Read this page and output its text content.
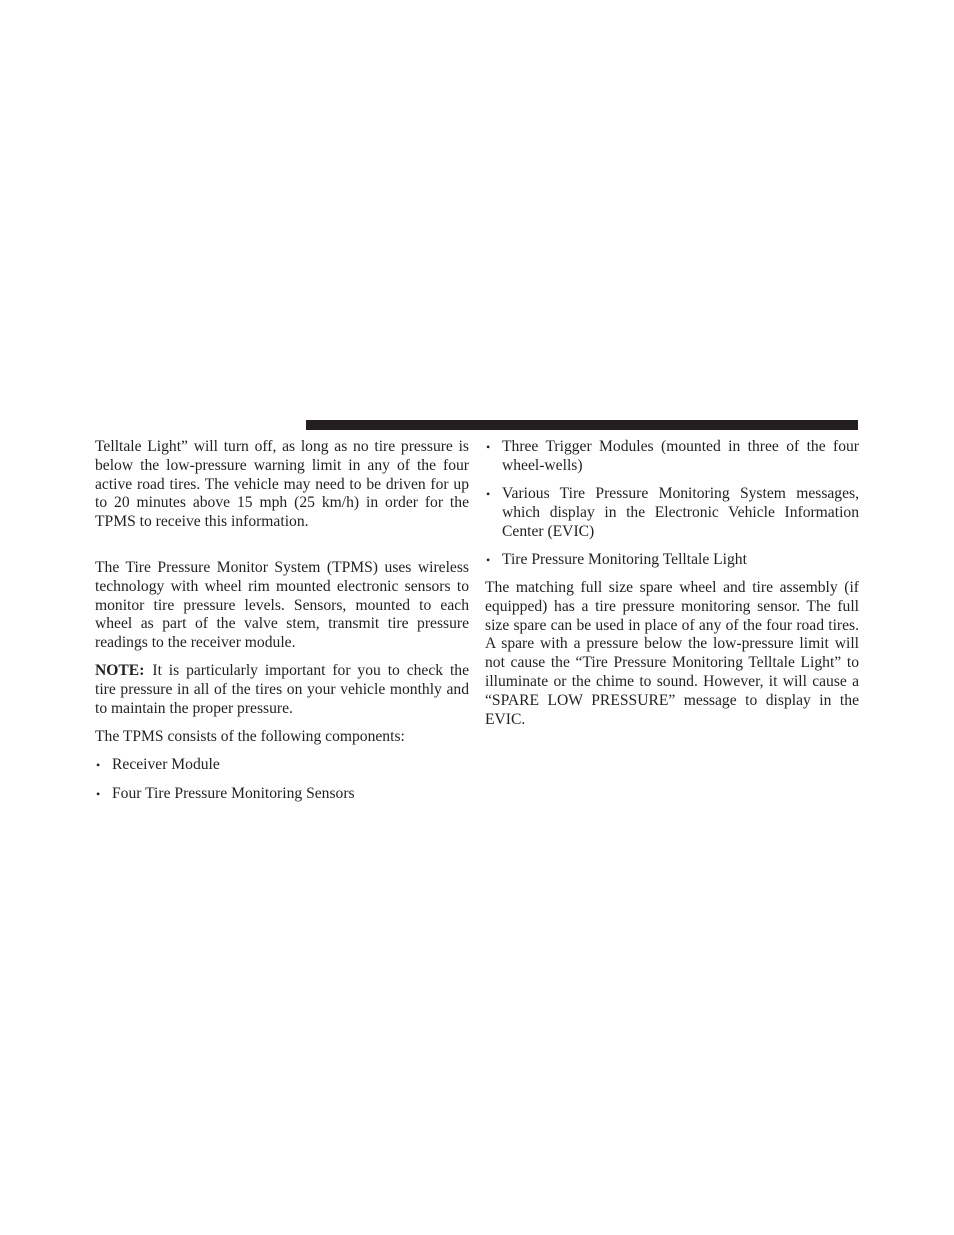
Telltale Light” will turn off, as long as no tire pressure is below the low-pressure warning limit in any of the four active road tires. The vehicle may need to be driven for up to 20 minutes above 15 mph (25 km/h) in order for the TPMS to receive this information.

The Tire Pressure Monitor System (TPMS) uses wireless technology with wheel rim mounted electronic sensors to monitor tire pressure levels. Sensors, mounted to each wheel as part of the valve stem, transmit tire pressure readings to the receiver module.

NOTE: It is particularly important for you to check the tire pressure in all of the tires on your vehicle monthly and to maintain the proper pressure.

The TPMS consists of the following components:

• Receiver Module
• Four Tire Pressure Monitoring Sensors
• Three Trigger Modules (mounted in three of the four wheel-wells)
• Various Tire Pressure Monitoring System messages, which display in the Electronic Vehicle Information Center (EVIC)
• Tire Pressure Monitoring Telltale Light

The matching full size spare wheel and tire assembly (if equipped) has a tire pressure monitoring sensor. The full size spare can be used in place of any of the four road tires. A spare with a pressure below the low-pressure limit will not cause the “Tire Pressure Monitoring Telltale Light” to illuminate or the chime to sound. However, it will cause a “SPARE LOW PRESSURE” message to display in the EVIC.
